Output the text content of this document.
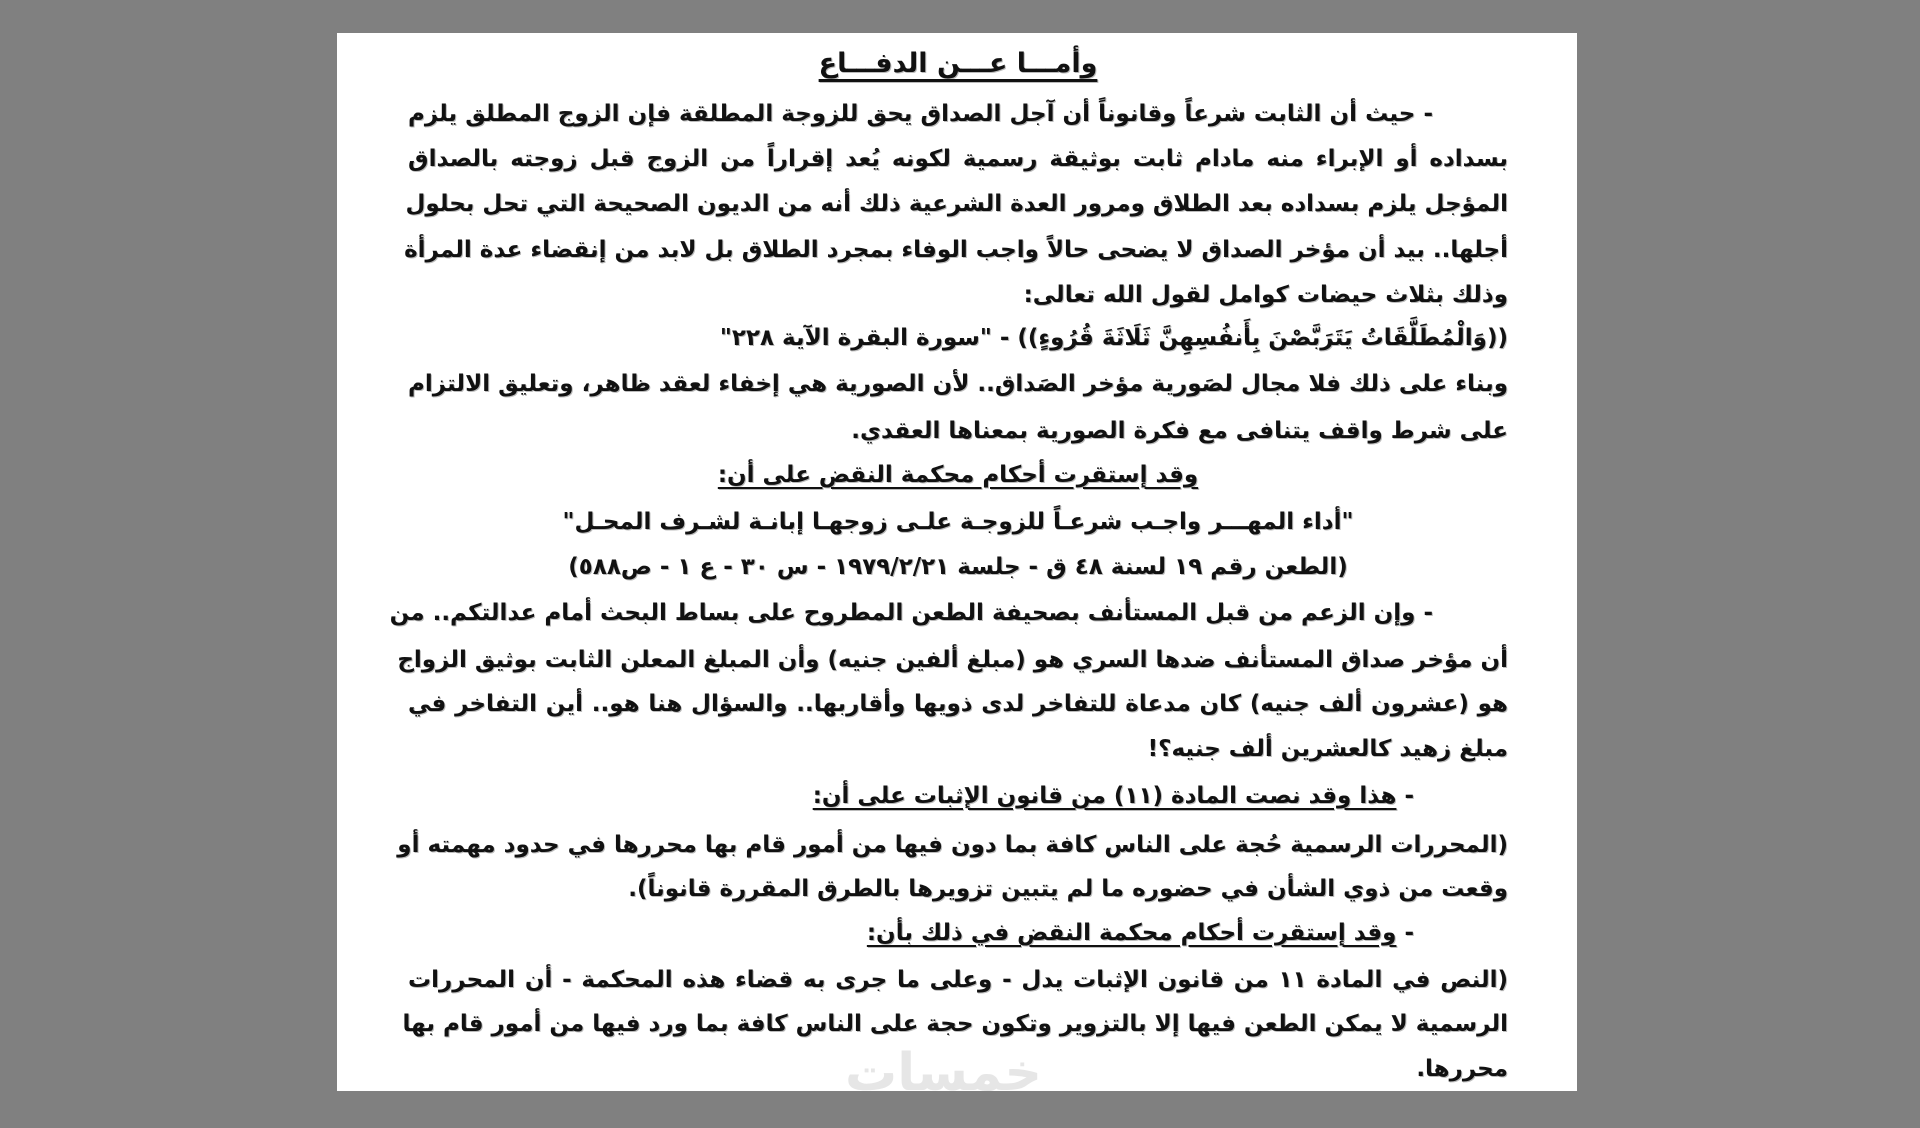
وأمـــا عـــن الدفـــاع
- حيث أن الثابت شرعاً وقانوناً أن آجل الصداق يحق للزوجة المطلقة فإن الزوج المطلق يلزم
بسداده أو الإبراء منه مادام ثابت بوثيقة رسمية لكونه يُعد إقراراً من الزوج قبل زوجته بالصداق
المؤجل يلزم بسداده بعد الطلاق ومرور العدة الشرعية ذلك أنه من الديون الصحيحة التي تحل بحلول
أجلها.. بيد أن مؤخر الصداق لا يضحى حالاً واجب الوفاء بمجرد الطلاق بل لابد من إنقضاء عدة المرأة
وذلك بثلاث حيضات كوامل لقول الله تعالى:
((وَالْمُطَلَّقَاتُ يَتَرَبَّصْنَ بِأَنفُسِهِنَّ ثَلَاثَةَ قُرُوءٍ)) - "سورة البقرة الآية ٢٢٨"
وبناء على ذلك فلا مجال لصَورية مؤخر الصَداق.. لأن الصورية هي إخفاء لعقد ظاهر، وتعليق الالتزام
على شرط واقف يتنافى مع فكرة الصورية بمعناها العقدي.
وقد إستقرت أحكام محكمة النقض على أن:
"أداء المهـــر واجـب شرعـاً للزوجـة علـى زوجهـا إبانـة لشـرف المحـل"
(الطعن رقم ١٩ لسنة ٤٨ ق - جلسة ١٩٧٩/٢/٢١ - س ٣٠ - ع ١ - ص٥٨٨)
- وإن الزعم من قبل المستأنف بصحيفة الطعن المطروح على بساط البحث أمام عدالتكم.. من
أن مؤخر صداق المستأنف ضدها السري هو (مبلغ ألفين جنيه) وأن المبلغ المعلن الثابت بوثيق الزواج
هو (عشرون ألف جنيه) كان مدعاة للتفاخر لدى ذويها وأقاربها.. والسؤال هنا هو.. أين التفاخر في
مبلغ زهيد كالعشرين ألف جنيه؟!
- هذا وقد نصت المادة (١١) من قانون الإثبات على أن:
(المحررات الرسمية حُجة على الناس كافة بما دون فيها من أمور قام بها محررها في حدود مهمته أو
وقعت من ذوي الشأن في حضوره ما لم يتبين تزويرها بالطرق المقررة قانوناً).
- وقد إستقرت أحكام محكمة النقض في ذلك بأن:
(النص في المادة ١١ من قانون الإثبات يدل - وعلى ما جرى به قضاء هذه المحكمة - أن المحررات
الرسمية لا يمكن الطعن فيها إلا بالتزوير وتكون حجة على الناس كافة بما ورد فيها من أمور قام بها
محررها.
خمسات
